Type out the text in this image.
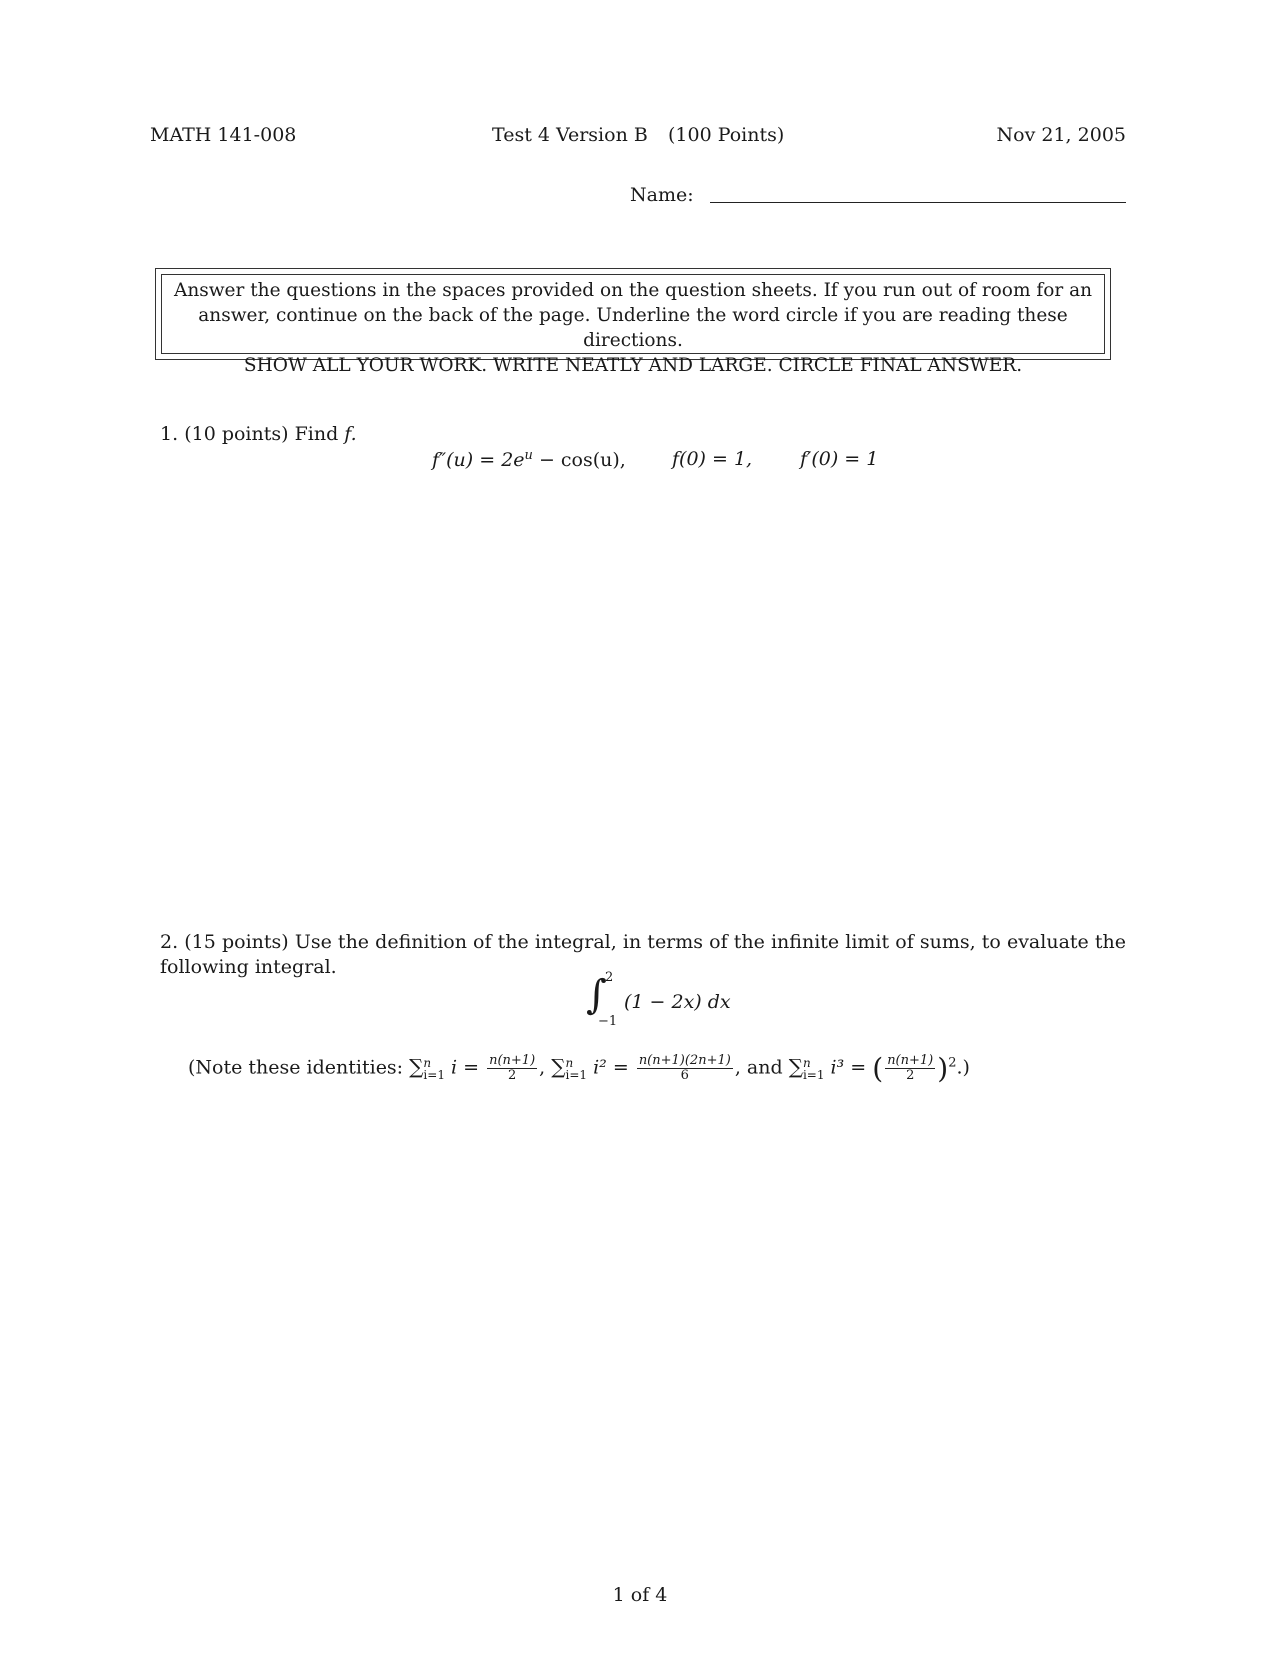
MATH 141-008	Test 4 Version B (100 Points)	Nov 21, 2005
Name:
Answer the questions in the spaces provided on the question sheets. If you run out of room for an
answer, continue on the back of the page. Underline the word circle if you are reading these directions.
SHOW ALL YOUR WORK. WRITE NEATLY AND LARGE. CIRCLE FINAL ANSWER.
1. (10 points) Find f.
$f''(u) = 2e^u - \cos(u)$, f(0) = 1,	f′(0) = 1
2. (15 points) Use the definition of the integral, in terms of the infinite limit of sums, to evaluate the following integral.
∫
2
−1
(1 − 2x) dx
(Note these identities: ∑ n
i=1 $i = \frac{n(n+1)}{2}$ , ∑ n
i=1 $i^2 = \frac{n(n+1)(2n+1)}{6}$ , and ∑ n
i=1 i³ = ( $\frac{n(n+1)}{2} )^2$.)
1 of 4
